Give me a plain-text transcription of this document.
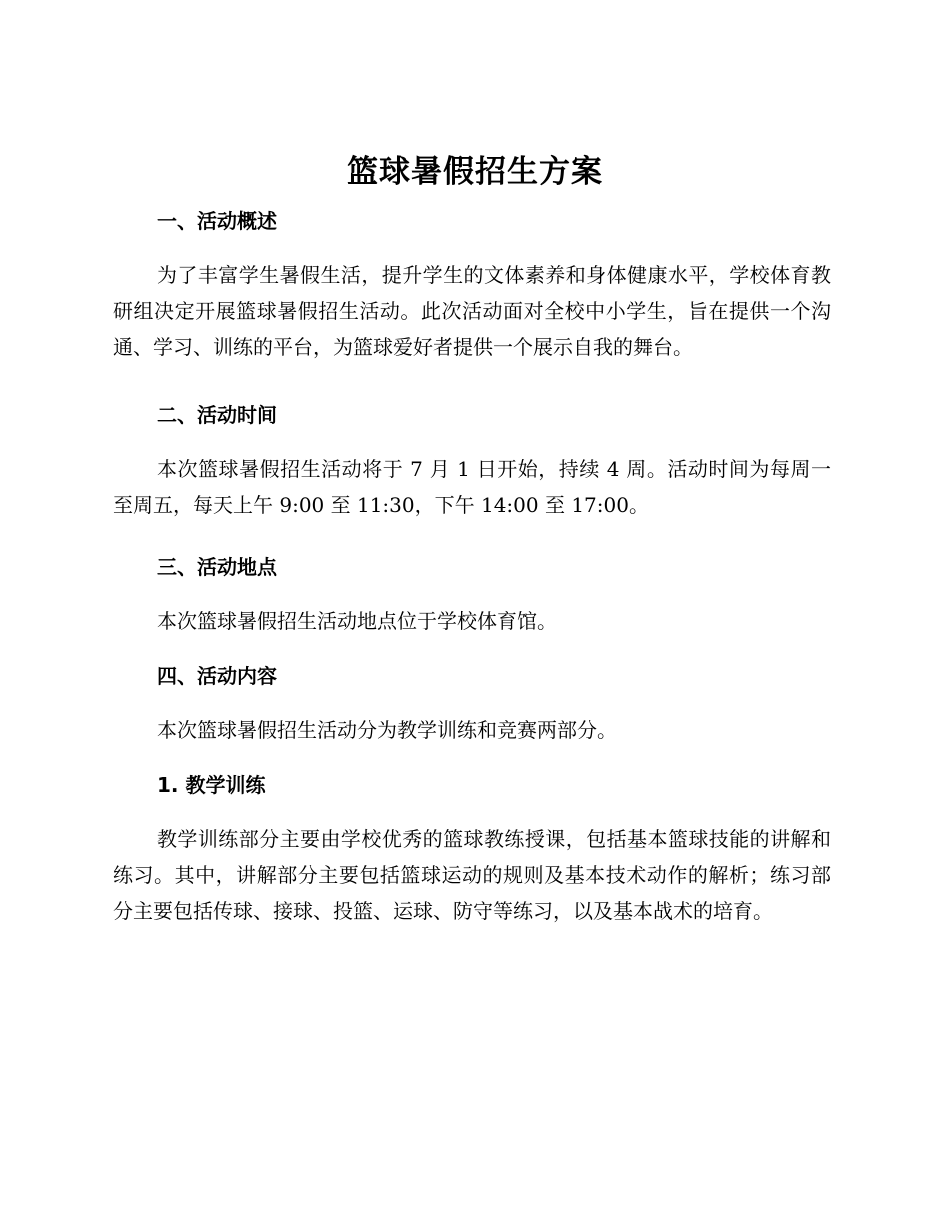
篮球暑假招生方案
一、活动概述
为了丰富学生暑假生活，提升学生的文体素养和身体健康水平，学校体育教研组决定开展篮球暑假招生活动。此次活动面对全校中小学生，旨在提供一个沟通、学习、训练的平台，为篮球爱好者提供一个展示自我的舞台。
二、活动时间
本次篮球暑假招生活动将于 7 月 1 日开始，持续 4 周。活动时间为每周一至周五，每天上午 9:00 至 11:30，下午 14:00 至 17:00。
三、活动地点
本次篮球暑假招生活动地点位于学校体育馆。
四、活动内容
本次篮球暑假招生活动分为教学训练和竞赛两部分。
1. 教学训练
教学训练部分主要由学校优秀的篮球教练授课，包括基本篮球技能的讲解和练习。其中，讲解部分主要包括篮球运动的规则及基本技术动作的解析；练习部分主要包括传球、接球、投篮、运球、防守等练习，以及基本战术的培育。
